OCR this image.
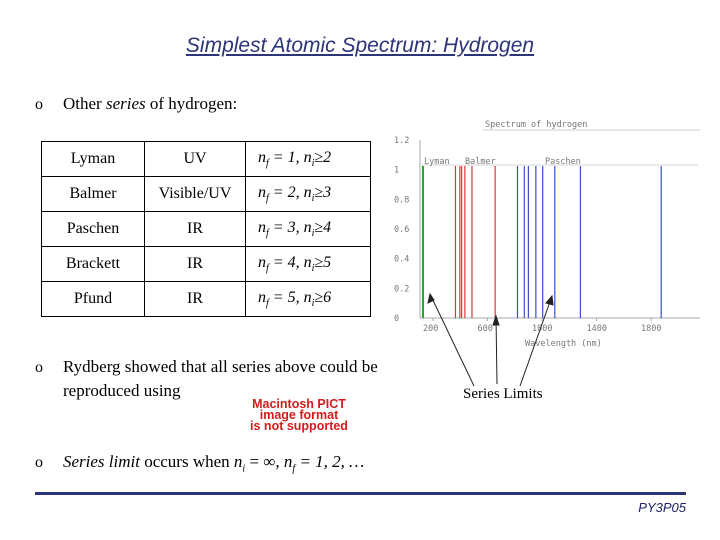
Simplest Atomic Spectrum: Hydrogen
o Other series of hydrogen:
Lyman	UV	$n_f = 1$, $n_i\ge 2$
Balmer	Visible/UV	$n_f = 2$, $n_i\ge 3$
Paschen	IR	$n_f = 3$, $n_i\ge 4$
Brackett	IR	$n_f = 4$, $n_i\ge 5$
Pfund	IR	$n_f = 5$, $n_i\ge 6$
o Rydberg showed that all series above could be
reproduced using
Macintosh PICT
image format
is not supported
o Series limit occurs when $n_i$ = ∞, $n_f = 1$, 2, …
Spectrum of hydrogen
1.2
1
0.8
0.6
0.4
0.2
0
200	600	1000	1400	1800
Lyman Balmer	Paschen
Wavelength (nm)
Series Limits
PY3P05
